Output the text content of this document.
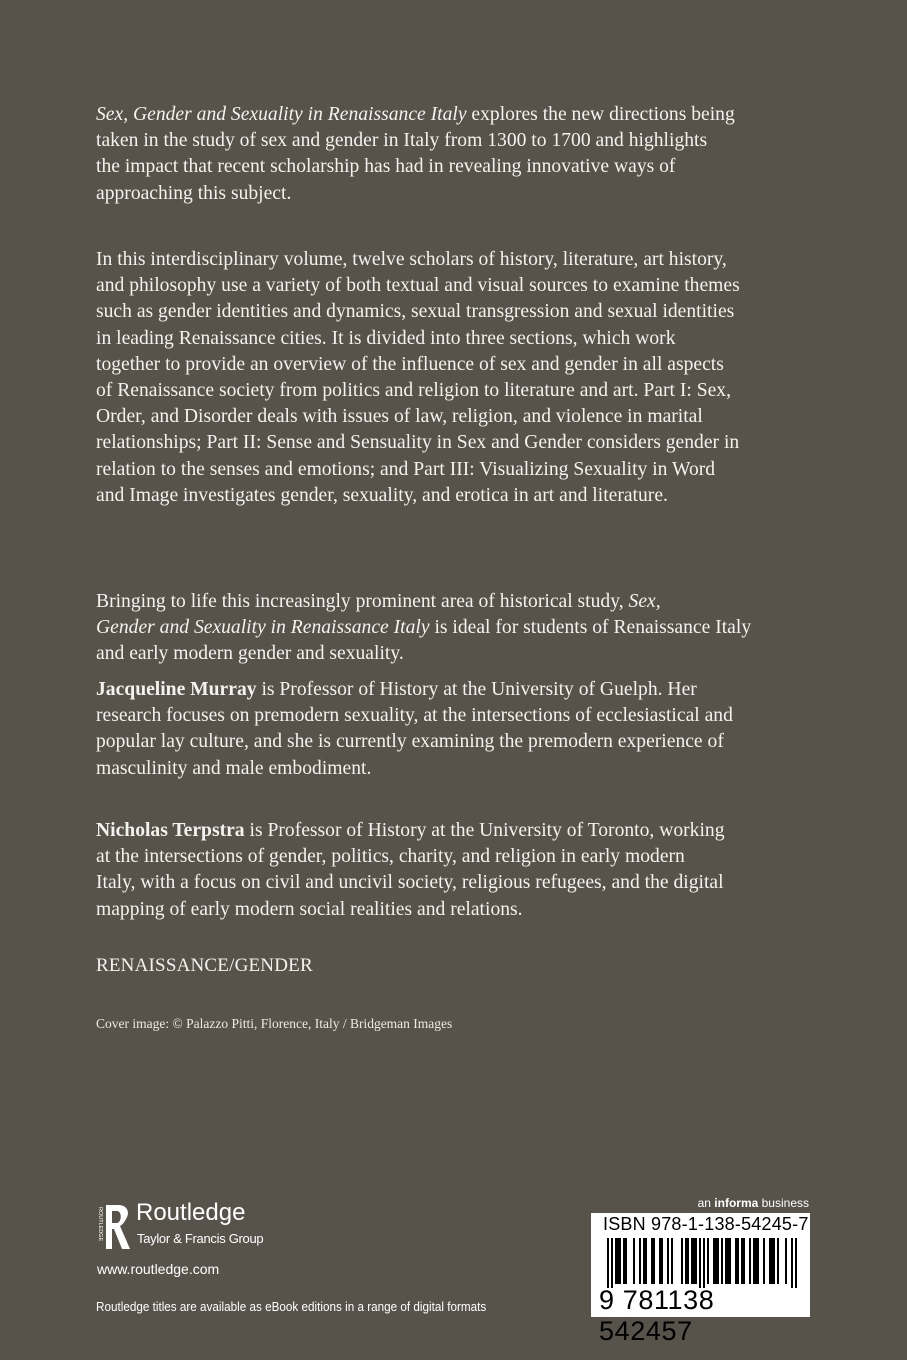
Sex, Gender and Sexuality in Renaissance Italy explores the new directions being
taken in the study of sex and gender in Italy from 1300 to 1700 and highlights
the impact that recent scholarship has had in revealing innovative ways of
approaching this subject.
In this interdisciplinary volume, twelve scholars of history, literature, art history,
and philosophy use a variety of both textual and visual sources to examine themes
such as gender identities and dynamics, sexual transgression and sexual identities
in leading Renaissance cities. It is divided into three sections, which work
together to provide an overview of the influence of sex and gender in all aspects
of Renaissance society from politics and religion to literature and art. Part I: Sex,
Order, and Disorder deals with issues of law, religion, and violence in marital
relationships; Part II: Sense and Sensuality in Sex and Gender considers gender in
relation to the senses and emotions; and Part III: Visualizing Sexuality in Word
and Image investigates gender, sexuality, and erotica in art and literature.
Bringing to life this increasingly prominent area of historical study, Sex,
Gender and Sexuality in Renaissance Italy is ideal for students of Renaissance Italy
and early modern gender and sexuality.
Jacqueline Murray is Professor of History at the University of Guelph. Her
research focuses on premodern sexuality, at the intersections of ecclesiastical and
popular lay culture, and she is currently examining the premodern experience of
masculinity and male embodiment.
Nicholas Terpstra is Professor of History at the University of Toronto, working
at the intersections of gender, politics, charity, and religion in early modern
Italy, with a focus on civil and uncivil society, religious refugees, and the digital
mapping of early modern social realities and relations.
RENAISSANCE/GENDER
Cover image: © Palazzo Pitti, Florence, Italy / Bridgeman Images
ROUTLEDGE Routledge
Taylor & Francis Group
www.routledge.com
Routledge titles are available as eBook editions in a range of digital formats
an informa business
ISBN 978-1-138-54245-7
9 781138 542457
